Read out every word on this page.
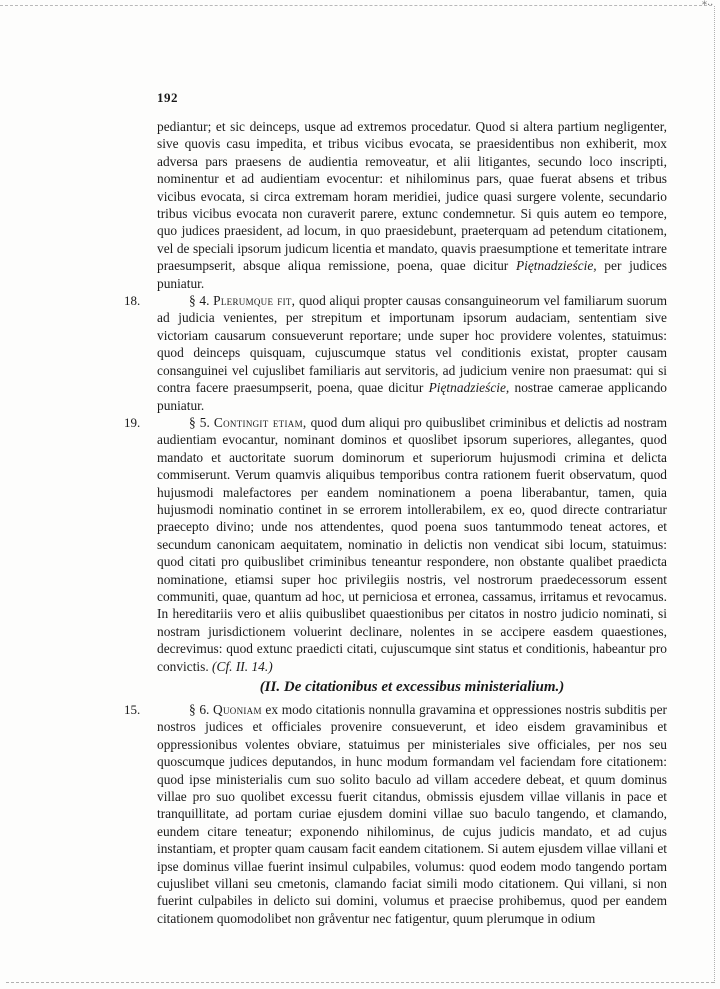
*··
192

pediantur; et sic deinceps, usque ad extremos procedatur. Quod si altera partium negligenter, sive quovis casu impedita, et tribus vicibus evocata, se praesidentibus non exhiberit, mox adversa pars praesens de audientia removeatur, et alii litigantes, secundo loco inscripti, nominentur et ad audientiam evocentur: et nihilominus pars, quae fuerat absens et tribus vicibus evocata, si circa extremam horam meridiei, judice quasi surgere volente, secundario tribus vicibus evocata non curaverit parere, extunc condemnetur. Si quis autem eo tempore, quo judices praesident, ad locum, in quo praesidebunt, praeterquam ad petendum citationem, vel de speciali ipsorum judicum licentia et mandato, quavis praesumptione et temeritate intrare praesumpserit, absque aliqua remissione, poena, quae dicitur Piętnadzieście, per judices puniatur.

18.	§ 4. Plerumque fit, quod aliqui propter causas consanguineorum vel familiarum suorum ad judicia venientes, per strepitum et importunam ipsorum audaciam, sententiam sive victoriam causarum consueverunt reportare; unde super hoc providere volentes, statuimus: quod deinceps quisquam, cujuscumque status vel conditionis existat, propter causam consanguinei vel cujuslibet familiaris aut servitoris, ad judicium venire non praesumat: qui si contra facere praesumpserit, poena, quae dicitur Piętnadzieście, nostrae camerae applicando puniatur.

19.	§ 5. Contingit etiam, quod dum aliqui pro quibuslibet criminibus et delictis ad nostram audientiam evocantur, nominant dominos et quoslibet ipsorum superiores, allegantes, quod mandato et auctoritate suorum dominorum et superiorum hujusmodi crimina et delicta commiserunt. Verum quamvis aliquibus temporibus contra rationem fuerit observatum, quod hujusmodi malefactores per eandem nominationem a poena liberabantur, tamen, quia hujusmodi nominatio continet in se errorem intollerabilem, ex eo, quod directe contrariatur praecepto divino; unde nos attendentes, quod poena suos tantummodo teneat actores, et secundum canonicam aequitatem, nominatio in delictis non vendicat sibi locum, statuimus: quod citati pro quibuslibet criminibus teneantur respondere, non obstante qualibet praedicta nominatione, etiamsi super hoc privilegiis nostris, vel nostrorum praedecessorum essent communiti, quae, quantum ad hoc, ut perniciosa et erronea, cassamus, irritamus et revocamus. In hereditariis vero et aliis quibuslibet quaestionibus per citatos in nostro judicio nominati, si nostram jurisdictionem voluerint declinare, nolentes in se accipere easdem quaestiones, decrevimus: quod extunc praedicti citati, cujuscumque sint status et conditionis, habeantur pro convictis. (Cf. II. 14.)

(II. De citationibus et excessibus ministerialium.)

15.	§ 6. Quoniam ex modo citationis nonnulla gravamina et oppressiones nostris subditis per nostros judices et officiales provenire consueverunt, et ideo eisdem gravaminibus et oppressionibus volentes obviare, statuimus per ministeriales sive officiales, per nos seu quoscumque judices deputandos, in hunc modum formandam vel faciendam fore citationem: quod ipse ministerialis cum suo solito baculo ad villam accedere debeat, et quum dominus villae pro suo quolibet excessu fuerit citandus, obmissis ejusdem villae villanis in pace et tranquillitate, ad portam curiae ejusdem domini villae suo baculo tangendo, et clamando, eundem citare teneatur; exponendo nihilominus, de cujus judicis mandato, et ad cujus instantiam, et propter quam causam facit eandem citationem. Si autem ejusdem villae villani et ipse dominus villae fuerint insimul culpabiles, volumus: quod eodem modo tangendo portam cujuslibet villani seu cmetonis, clamando faciat simili modo citationem. Qui villani, si non fuerint culpabiles in delicto sui domini, volumus et praecise prohibemus, quod per eandem citationem quomodolibet non gråventur nec fatigentur, quum plerumque in odium
